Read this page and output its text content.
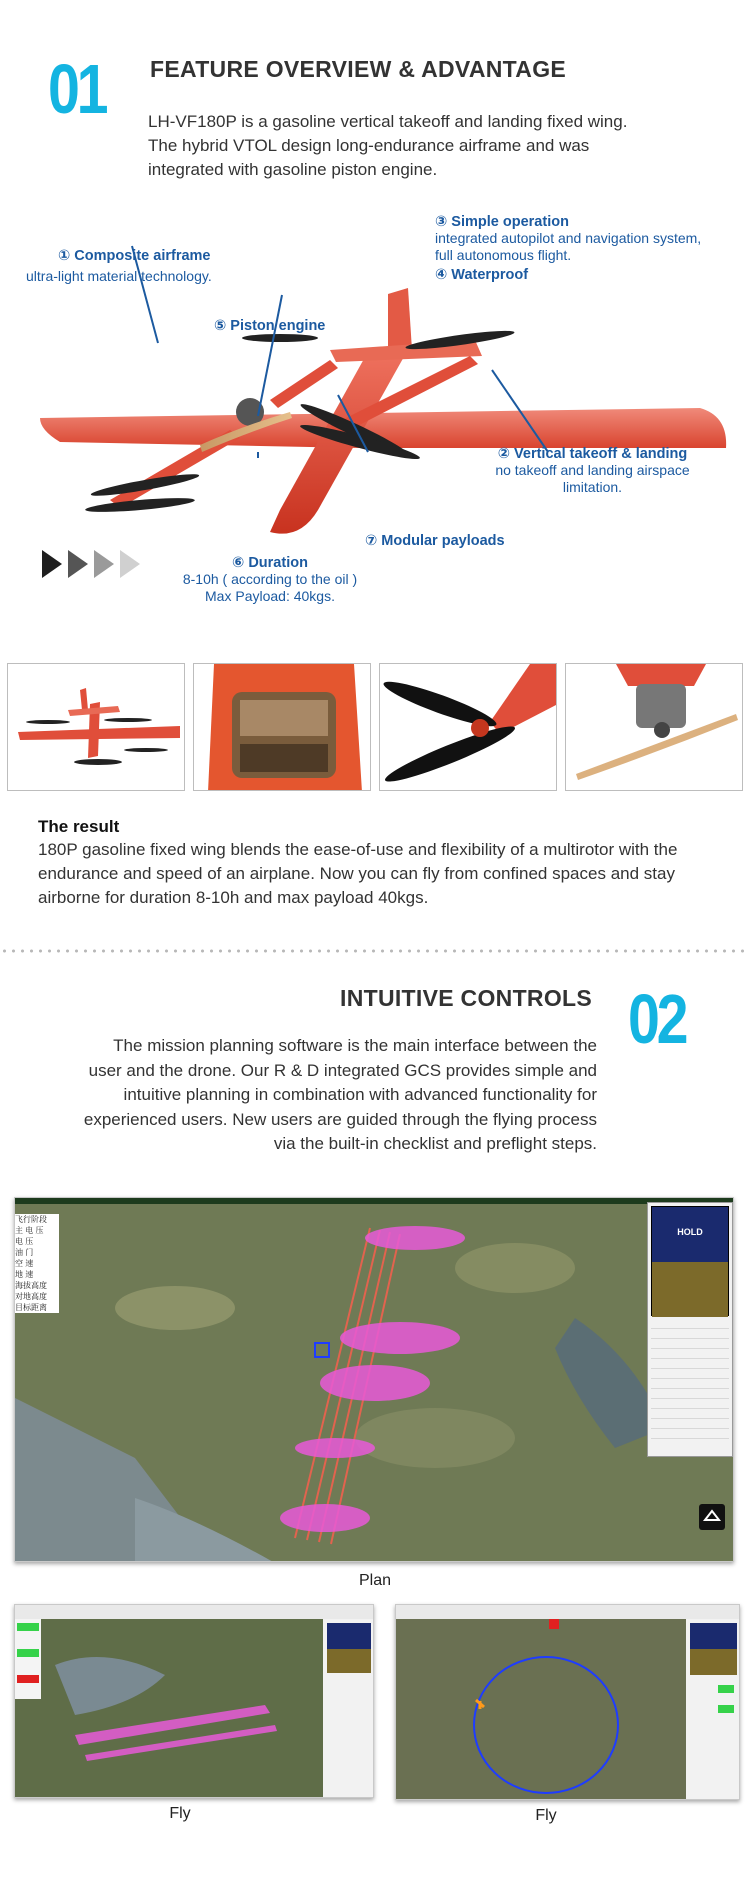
01 FEATURE OVERVIEW & ADVANTAGE
LH-VF180P is a gasoline vertical takeoff and landing fixed wing.
The hybrid VTOL design long-endurance airframe and was
integrated with gasoline piston engine.
① Composite airframe
ultra-light material technology.
③ Simple operation
integrated autopilot and navigation system,
full autonomous flight.
④ Waterproof
⑤ Piston engine
② Vertical takeoff & landing
no takeoff and landing airspace
limitation.
⑦ Modular payloads
⑥ Duration
8-10h ( according to the oil )
Max Payload: 40kgs.
The result
180P gasoline fixed wing blends the ease-of-use and flexibility of a multirotor with the
endurance and speed of an airplane. Now you can fly from confined spaces and stay
airborne for duration 8-10h and max payload 40kgs.
INTUITIVE CONTROLS 02
The mission planning software is the main interface between the
user and the drone. Our R & D integrated GCS provides simple and
intuitive planning in combination with advanced functionality for
experienced users. New users are guided through the flying process
via the built-in checklist and preflight steps.
飞行阶段
主 电 压
电 压
油 门
空 速
地 速
海拔高度
对地高度
目标距离
HOLD
Plan
Fly	Fly
